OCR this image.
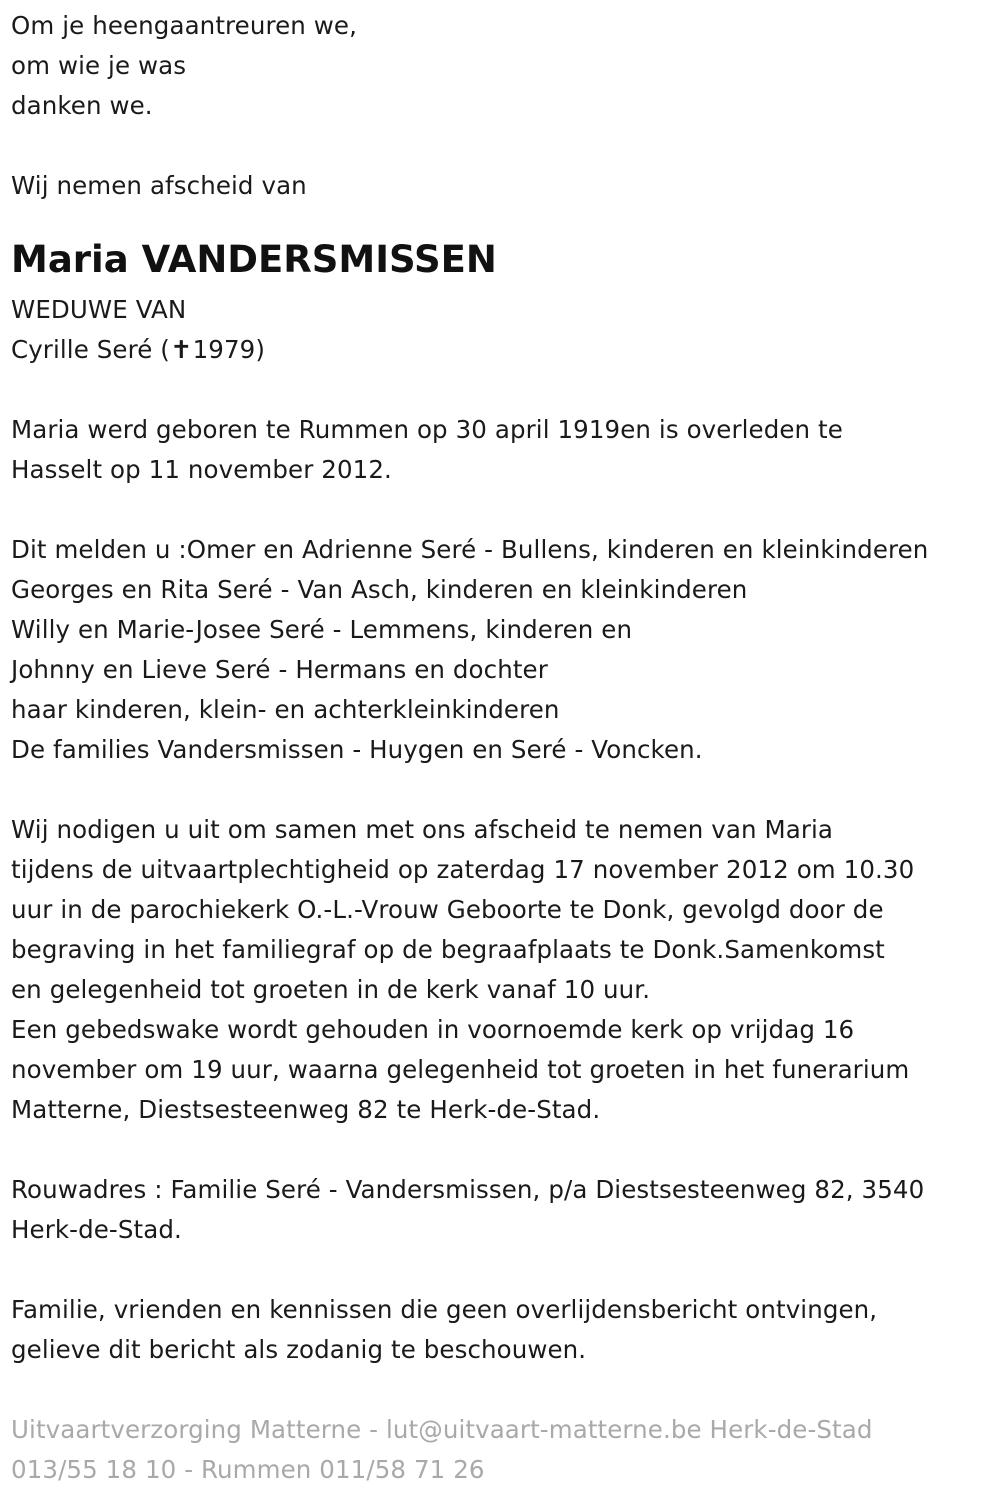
Om je heengaantreuren we,
om wie je was
danken we.
Wij nemen afscheid van
Maria VANDERSMISSEN
WEDUWE VAN
Cyrille Seré (✝1979)
Maria werd geboren te Rummen op 30 april 1919en is overleden te
Hasselt op 11 november 2012.
Dit melden u :Omer en Adrienne Seré - Bullens, kinderen en kleinkinderen
Georges en Rita Seré - Van Asch, kinderen en kleinkinderen
Willy en Marie-Josee Seré - Lemmens, kinderen en
Johnny en Lieve Seré - Hermans en dochter
haar kinderen, klein- en achterkleinkinderen
De families Vandersmissen - Huygen en Seré - Voncken.
Wij nodigen u uit om samen met ons afscheid te nemen van Maria
tijdens de uitvaartplechtigheid op zaterdag 17 november 2012 om 10.30
uur in de parochiekerk O.-L.-Vrouw Geboorte te Donk, gevolgd door de
begraving in het familiegraf op de begraafplaats te Donk.Samenkomst
en gelegenheid tot groeten in de kerk vanaf 10 uur.
Een gebedswake wordt gehouden in voornoemde kerk op vrijdag 16
november om 19 uur, waarna gelegenheid tot groeten in het funerarium
Matterne, Diestsesteenweg 82 te Herk-de-Stad.
Rouwadres : Familie Seré - Vandersmissen, p/a Diestsesteenweg 82, 3540
Herk-de-Stad.
Familie, vrienden en kennissen die geen overlijdensbericht ontvingen,
gelieve dit bericht als zodanig te beschouwen.
Uitvaartverzorging Matterne - lut@uitvaart-matterne.be Herk-de-Stad
013/55 18 10 - Rummen 011/58 71 26
